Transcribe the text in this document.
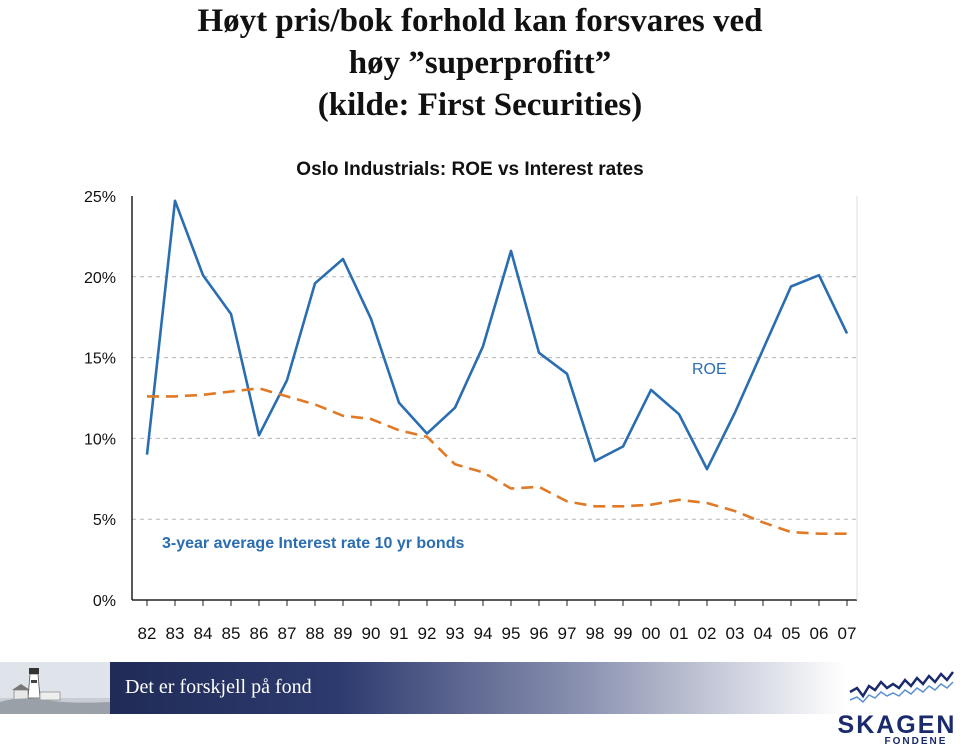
Høyt pris/bok forhold kan forsvares ved
høy ”superprofitt”
(kilde: First Securities)
Oslo Industrials: ROE vs Interest rates
0%
5%
10%
15%
20%
25%
82 83 84 85 86 87 88 89 90 91 92 93 94 95 96 97 98 99 00 01 02 03 04 05 06 07
ROE
3-year average Interest rate 10 yr bonds
Det er forskjell på fond
SKAGEN
FONDENE
